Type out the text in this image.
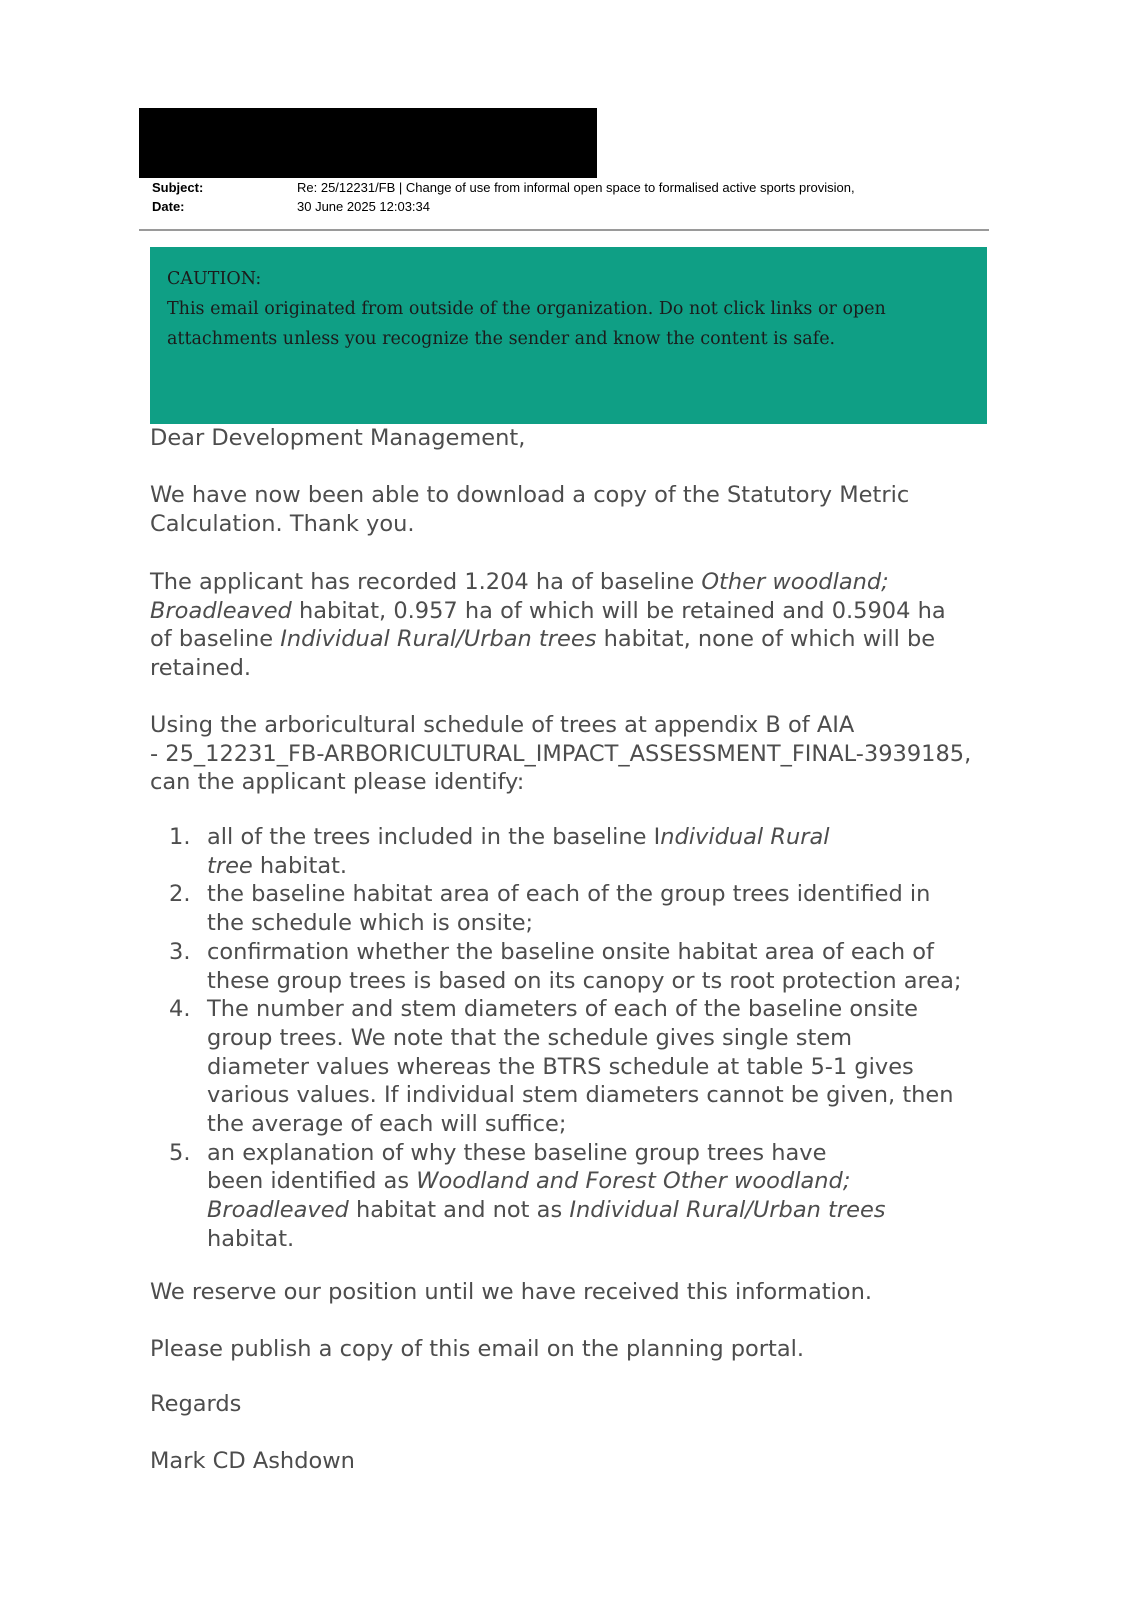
Subject:	Re: 25/12231/FB | Change of use from informal open space to formalised active sports provision,
Date:	30 June 2025 12:03:34
CAUTION:
This email originated from outside of the organization. Do not click links or open
attachments unless you recognize the sender and know the content is safe.

Dear Development Management,

We have now been able to download a copy of the Statutory Metric
Calculation. Thank you.

The applicant has recorded 1.204 ha of baseline Other woodland;
Broadleaved habitat, 0.957 ha of which will be retained and 0.5904 ha
of baseline Individual Rural/Urban trees habitat, none of which will be
retained.

Using the arboricultural schedule of trees at appendix B of AIA
- 25_12231_FB-ARBORICULTURAL_IMPACT_ASSESSMENT_FINAL-3939185,
can the applicant please identify:

1. all of the trees included in the baseline Individual Rural
tree habitat.
2. the baseline habitat area of each of the group trees identified in
the schedule which is onsite;
3. confirmation whether the baseline onsite habitat area of each of
these group trees is based on its canopy or ts root protection area;
4. The number and stem diameters of each of the baseline onsite
group trees. We note that the schedule gives single stem
diameter values whereas the BTRS schedule at table 5-1 gives
various values. If individual stem diameters cannot be given, then
the average of each will suffice;
5. an explanation of why these baseline group trees have
been identified as Woodland and Forest Other woodland;
Broadleaved habitat and not as Individual Rural/Urban trees
habitat.

We reserve our position until we have received this information.

Please publish a copy of this email on the planning portal.

Regards

Mark CD Ashdown
